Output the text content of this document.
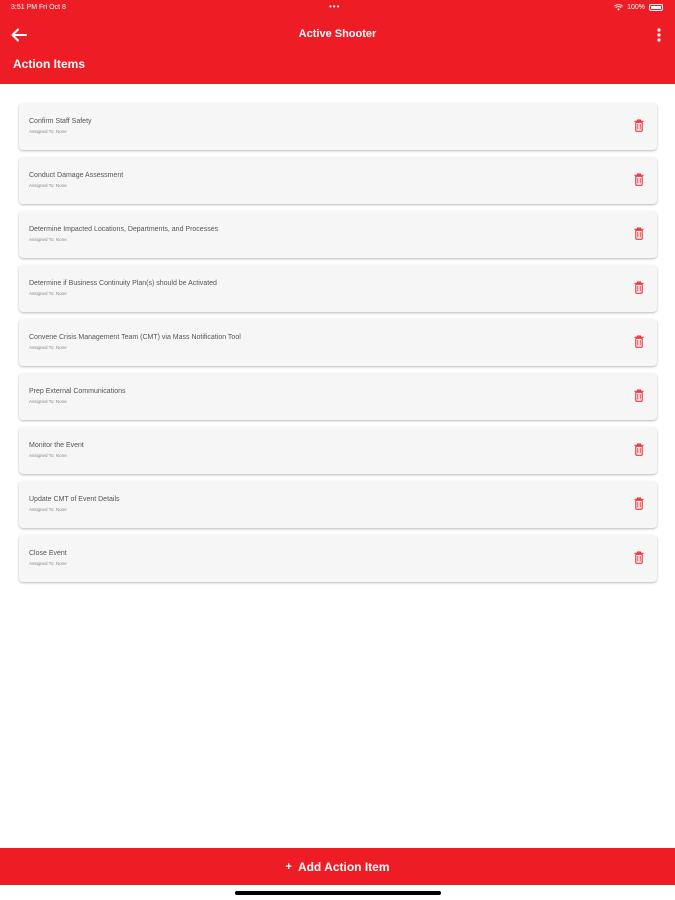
3:51 PM Fri Oct 8	•••	100%
Active Shooter
Action Items
Confirm Staff Safety
Assigned To: None
Conduct Damage Assessment
Assigned To: None
Determine Impacted Locations, Departments, and Processes
Assigned To: None
Determine if Business Continuity Plan(s) should be Activated
Assigned To: None
Convene Crisis Management Team (CMT) via Mass Notification Tool
Assigned To: None
Prep External Communications
Assigned To: None
Monitor the Event
Assigned To: None
Update CMT of Event Details
Assigned To: None
Close Event
Assigned To: None
+ Add Action Item
